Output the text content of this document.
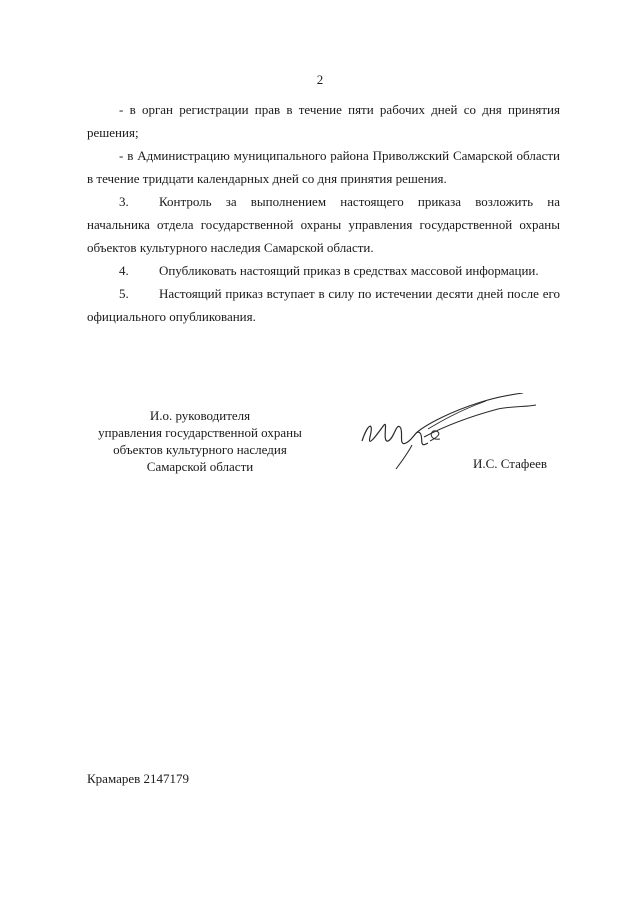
2

- в орган регистрации прав в течение пяти рабочих дней со дня принятия решения;

- в Администрацию муниципального района Приволжский Самарской области в течение тридцати календарных дней со дня принятия решения.

3. Контроль за выполнением настоящего приказа возложить на начальника отдела государственной охраны управления государственной охраны объектов культурного наследия Самарской области.

4. Опубликовать настоящий приказ в средствах массовой информации.

5. Настоящий приказ вступает в силу по истечении десяти дней после его официального опубликования.

И.о. руководителя
управления государственной охраны
объектов культурного наследия
Самарской области	И.С. Стафеев
Крамарев 2147179
